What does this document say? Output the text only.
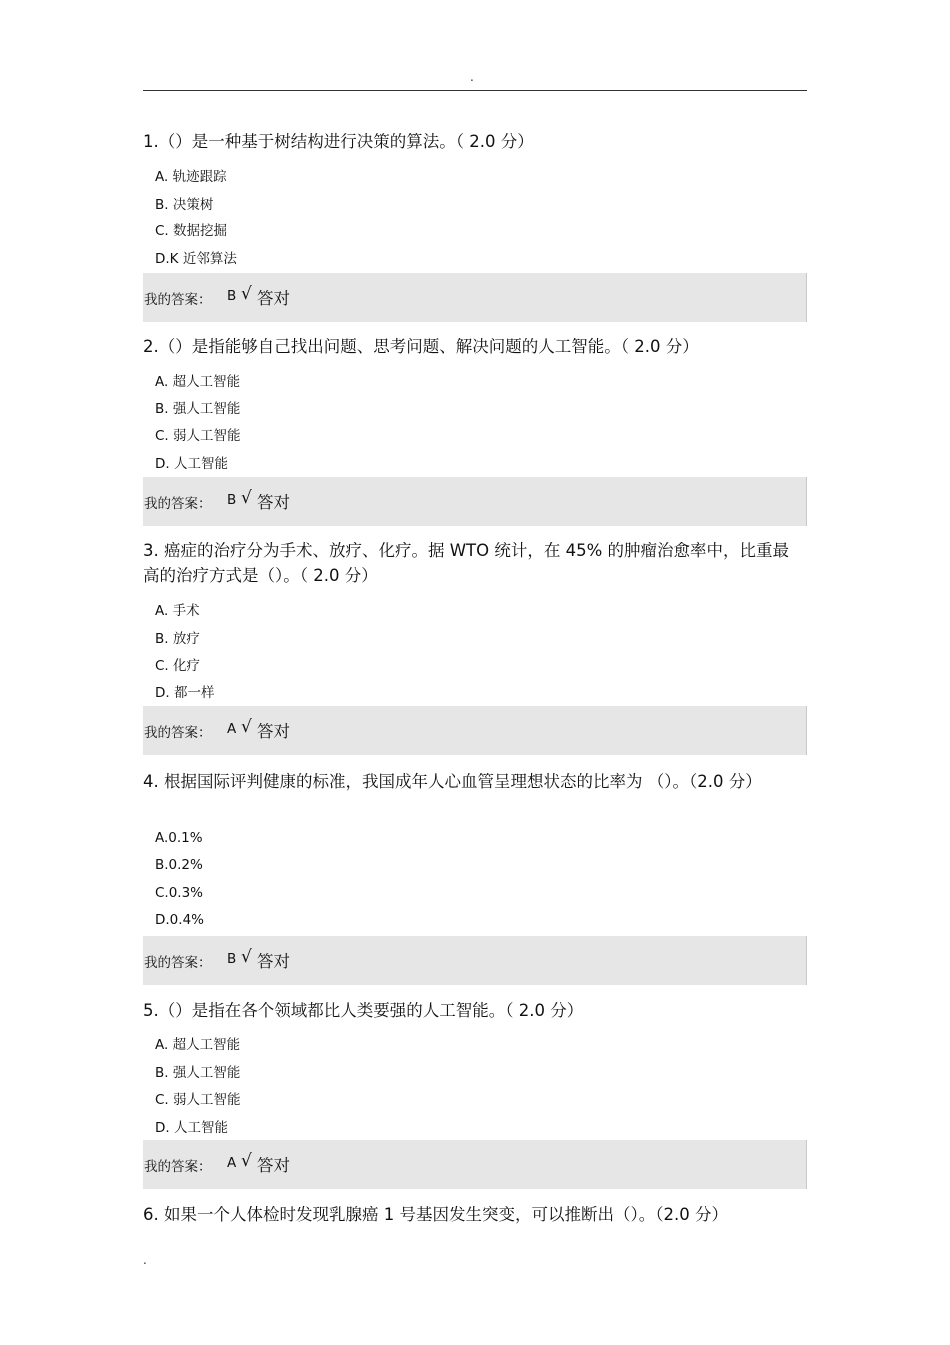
.
1.（）是一种基于树结构进行决策的算法。（ 2.0 分）
A. 轨迹跟踪
B. 决策树
C. 数据挖掘
D.K 近邻算法
我的答案： B √ 答对
2.（）是指能够自己找出问题、思考问题、解决问题的人工智能。（ 2.0 分）
A. 超人工智能
B. 强人工智能
C. 弱人工智能
D. 人工智能
我的答案： B √ 答对
3. 癌症的治疗分为手术、放疗、化疗。据 WTO 统计，在 45% 的肿瘤治愈率中，比重最高的治疗方式是（）。（ 2.0 分）
A. 手术
B. 放疗
C. 化疗
D. 都一样
我的答案： A √ 答对
4. 根据国际评判健康的标准，我国成年人心血管呈理想状态的比率为 （）。（2.0 分）
A.0.1%
B.0.2%
C.0.3%
D.0.4%
我的答案： B √ 答对
5.（）是指在各个领域都比人类要强的人工智能。（ 2.0 分）
A. 超人工智能
B. 强人工智能
C. 弱人工智能
D. 人工智能
我的答案： A √ 答对
6. 如果一个人体检时发现乳腺癌 1 号基因发生突变，可以推断出（）。（2.0 分）
.
